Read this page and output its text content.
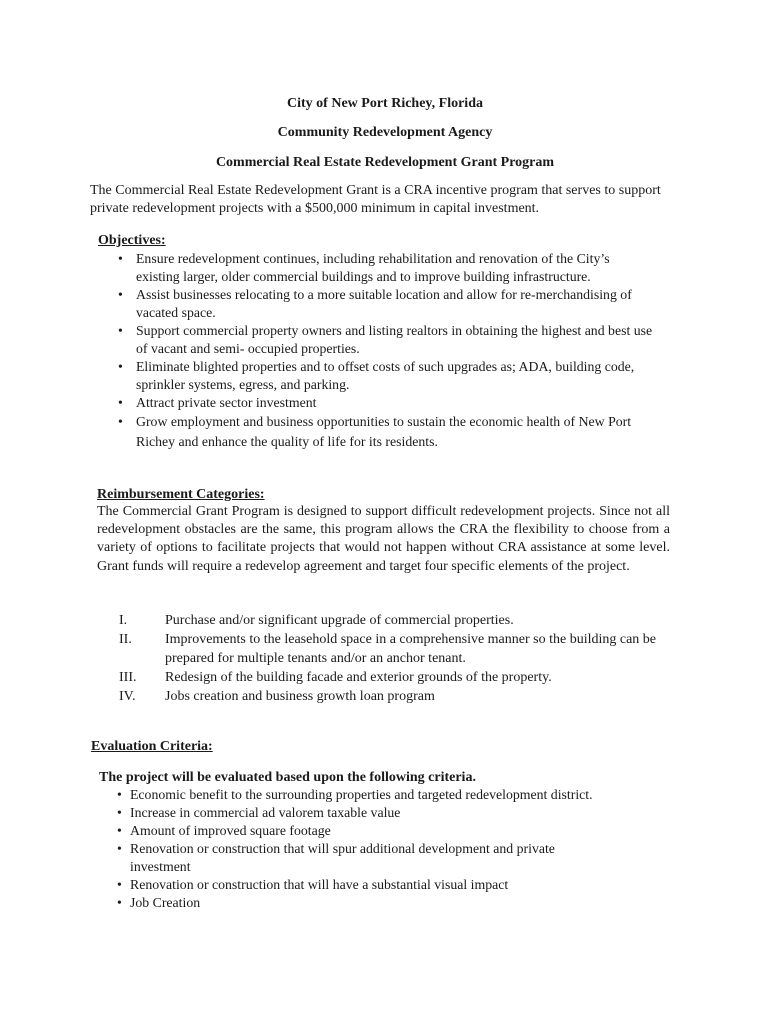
City of New Port Richey, Florida
Community Redevelopment Agency
Commercial Real Estate Redevelopment Grant Program

The Commercial Real Estate Redevelopment Grant is a CRA incentive program that serves to support private redevelopment projects with a $500,000 minimum in capital investment.

Objectives:
• Ensure redevelopment continues, including rehabilitation and renovation of the City’s existing larger, older commercial buildings and to improve building infrastructure.
• Assist businesses relocating to a more suitable location and allow for re-merchandising of vacated space.
• Support commercial property owners and listing realtors in obtaining the highest and best use of vacant and semi- occupied properties.
• Eliminate blighted properties and to offset costs of such upgrades as; ADA, building code, sprinkler systems, egress, and parking.
• Attract private sector investment
• Grow employment and business opportunities to sustain the economic health of New Port Richey and enhance the quality of life for its residents.
Reimbursement Categories:

The Commercial Grant Program is designed to support difficult redevelopment projects. Since not all redevelopment obstacles are the same, this program allows the CRA the flexibility to choose from a variety of options to facilitate projects that would not happen without CRA assistance at some level. Grant funds will require a redevelop agreement and target four specific elements of the project.

I.	Purchase and/or significant upgrade of commercial properties.
II. Improvements to the leasehold space in a comprehensive manner so the building can be prepared for multiple tenants and/or an anchor tenant.
III. Redesign of the building facade and exterior grounds of the property.
IV. Jobs creation and business growth loan program
Evaluation Criteria:
The project will be evaluated based upon the following criteria.
• Economic benefit to the surrounding properties and targeted redevelopment district.
• Increase in commercial ad valorem taxable value
• Amount of improved square footage
• Renovation or construction that will spur additional development and private investment
• Renovation or construction that will have a substantial visual impact
• Job Creation
